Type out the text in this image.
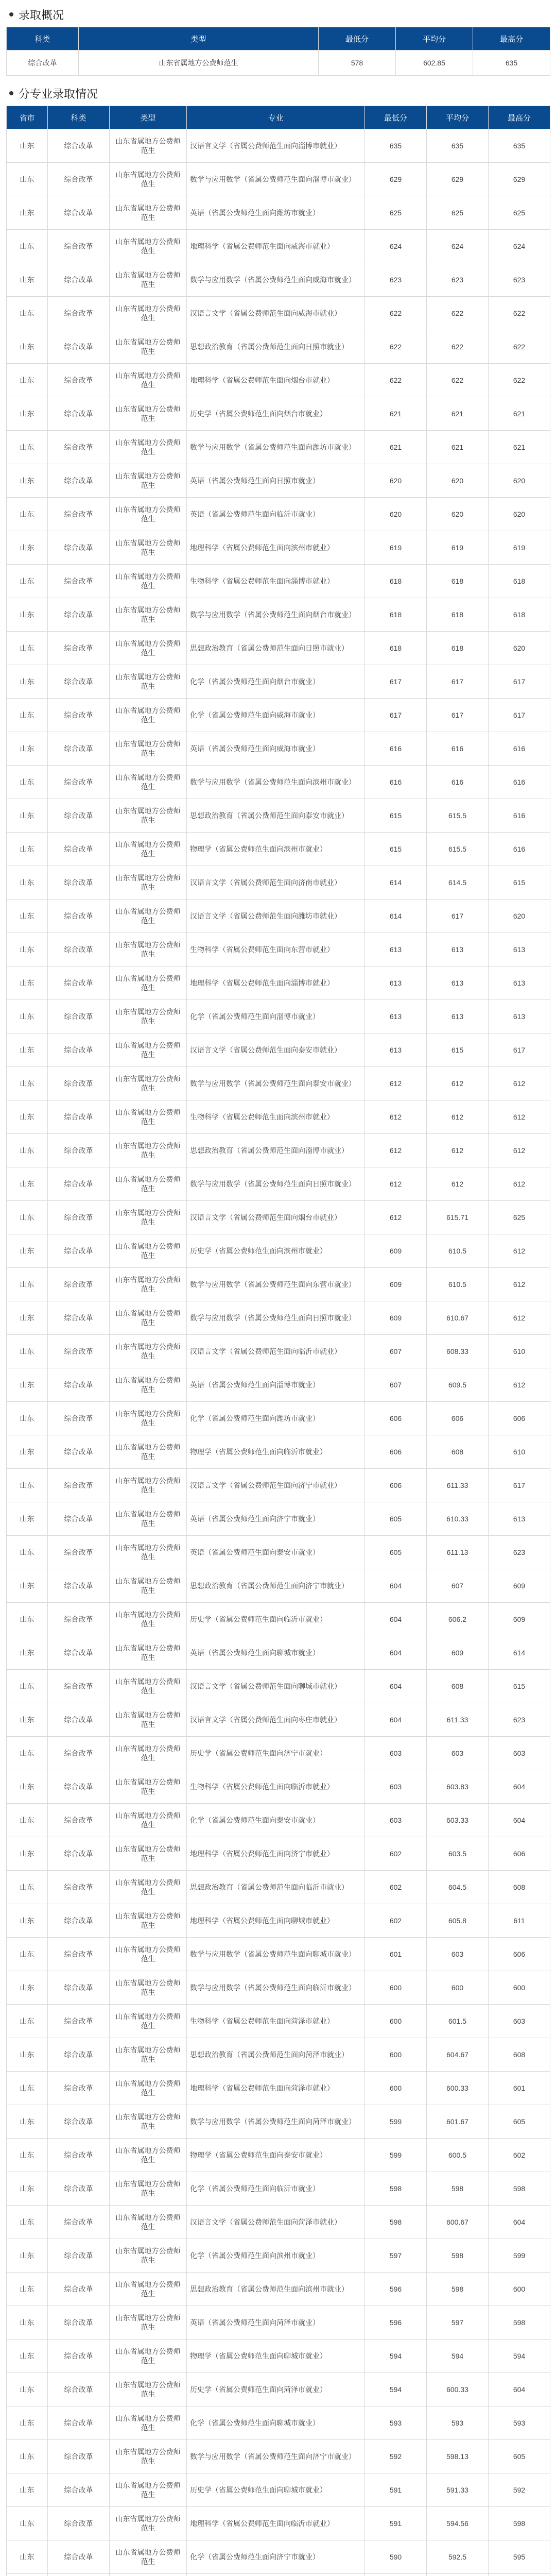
录取概况
科类	类型	最低分	平均分	最高分
综合改革	山东省属地方公费师范生	578	602.85	635
分专业录取情况
省市	科类	类型	专业	最低分	平均分	最高分
山东	综合改革	山东省属地方公费师范生	汉语言文学（省属公费师范生面向淄博市就业）	635	635	635
山东	综合改革	山东省属地方公费师范生	数学与应用数学（省属公费师范生面向淄博市就业）	629	629	629
山东	综合改革	山东省属地方公费师范生	英语（省属公费师范生面向潍坊市就业）	625	625	625
山东	综合改革	山东省属地方公费师范生	地理科学（省属公费师范生面向威海市就业）	624	624	624
山东	综合改革	山东省属地方公费师范生	数学与应用数学（省属公费师范生面向威海市就业）	623	623	623
山东	综合改革	山东省属地方公费师范生	汉语言文学（省属公费师范生面向威海市就业）	622	622	622
山东	综合改革	山东省属地方公费师范生	思想政治教育（省属公费师范生面向日照市就业）	622	622	622
山东	综合改革	山东省属地方公费师范生	地理科学（省属公费师范生面向烟台市就业）	622	622	622
山东	综合改革	山东省属地方公费师范生	历史学（省属公费师范生面向烟台市就业）	621	621	621
山东	综合改革	山东省属地方公费师范生	数学与应用数学（省属公费师范生面向潍坊市就业）	621	621	621
山东	综合改革	山东省属地方公费师范生	英语（省属公费师范生面向日照市就业）	620	620	620
山东	综合改革	山东省属地方公费师范生	英语（省属公费师范生面向临沂市就业）	620	620	620
山东	综合改革	山东省属地方公费师范生	地理科学（省属公费师范生面向滨州市就业）	619	619	619
山东	综合改革	山东省属地方公费师范生	生物科学（省属公费师范生面向淄博市就业）	618	618	618
山东	综合改革	山东省属地方公费师范生	数学与应用数学（省属公费师范生面向烟台市就业）	618	618	618
山东	综合改革	山东省属地方公费师范生	思想政治教育（省属公费师范生面向日照市就业）	618	618	620
山东	综合改革	山东省属地方公费师范生	化学（省属公费师范生面向烟台市就业）	617	617	617
山东	综合改革	山东省属地方公费师范生	化学（省属公费师范生面向威海市就业）	617	617	617
山东	综合改革	山东省属地方公费师范生	英语（省属公费师范生面向威海市就业）	616	616	616
山东	综合改革	山东省属地方公费师范生	数学与应用数学（省属公费师范生面向滨州市就业）	616	616	616
山东	综合改革	山东省属地方公费师范生	思想政治教育（省属公费师范生面向泰安市就业）	615	615.5	616
山东	综合改革	山东省属地方公费师范生	物理学（省属公费师范生面向滨州市就业）	615	615.5	616
山东	综合改革	山东省属地方公费师范生	汉语言文学（省属公费师范生面向济南市就业）	614	614.5	615
山东	综合改革	山东省属地方公费师范生	汉语言文学（省属公费师范生面向潍坊市就业）	614	617	620
山东	综合改革	山东省属地方公费师范生	生物科学（省属公费师范生面向东营市就业）	613	613	613
山东	综合改革	山东省属地方公费师范生	地理科学（省属公费师范生面向淄博市就业）	613	613	613
山东	综合改革	山东省属地方公费师范生	化学（省属公费师范生面向淄博市就业）	613	613	613
山东	综合改革	山东省属地方公费师范生	汉语言文学（省属公费师范生面向泰安市就业）	613	615	617
山东	综合改革	山东省属地方公费师范生	数学与应用数学（省属公费师范生面向泰安市就业）	612	612	612
山东	综合改革	山东省属地方公费师范生	生物科学（省属公费师范生面向滨州市就业）	612	612	612
山东	综合改革	山东省属地方公费师范生	思想政治教育（省属公费师范生面向淄博市就业）	612	612	612
山东	综合改革	山东省属地方公费师范生	数学与应用数学（省属公费师范生面向日照市就业）	612	612	612
山东	综合改革	山东省属地方公费师范生	汉语言文学（省属公费师范生面向烟台市就业）	612	615.71	625
山东	综合改革	山东省属地方公费师范生	历史学（省属公费师范生面向滨州市就业）	609	610.5	612
山东	综合改革	山东省属地方公费师范生	数学与应用数学（省属公费师范生面向东营市就业）	609	610.5	612
山东	综合改革	山东省属地方公费师范生	数学与应用数学（省属公费师范生面向日照市就业）	609	610.67	612
山东	综合改革	山东省属地方公费师范生	汉语言文学（省属公费师范生面向临沂市就业）	607	608.33	610
山东	综合改革	山东省属地方公费师范生	英语（省属公费师范生面向淄博市就业）	607	609.5	612
山东	综合改革	山东省属地方公费师范生	化学（省属公费师范生面向潍坊市就业）	606	606	606
山东	综合改革	山东省属地方公费师范生	物理学（省属公费师范生面向临沂市就业）	606	608	610
山东	综合改革	山东省属地方公费师范生	汉语言文学（省属公费师范生面向济宁市就业）	606	611.33	617
山东	综合改革	山东省属地方公费师范生	英语（省属公费师范生面向济宁市就业）	605	610.33	613
山东	综合改革	山东省属地方公费师范生	英语（省属公费师范生面向泰安市就业）	605	611.13	623
山东	综合改革	山东省属地方公费师范生	思想政治教育（省属公费师范生面向济宁市就业）	604	607	609
山东	综合改革	山东省属地方公费师范生	历史学（省属公费师范生面向临沂市就业）	604	606.2	609
山东	综合改革	山东省属地方公费师范生	英语（省属公费师范生面向聊城市就业）	604	609	614
山东	综合改革	山东省属地方公费师范生	汉语言文学（省属公费师范生面向聊城市就业）	604	608	615
山东	综合改革	山东省属地方公费师范生	汉语言文学（省属公费师范生面向枣庄市就业）	604	611.33	623
山东	综合改革	山东省属地方公费师范生	历史学（省属公费师范生面向济宁市就业）	603	603	603
山东	综合改革	山东省属地方公费师范生	生物科学（省属公费师范生面向临沂市就业）	603	603.83	604
山东	综合改革	山东省属地方公费师范生	化学（省属公费师范生面向泰安市就业）	603	603.33	604
山东	综合改革	山东省属地方公费师范生	地理科学（省属公费师范生面向济宁市就业）	602	603.5	606
山东	综合改革	山东省属地方公费师范生	思想政治教育（省属公费师范生面向临沂市就业）	602	604.5	608
山东	综合改革	山东省属地方公费师范生	地理科学（省属公费师范生面向聊城市就业）	602	605.8	611
山东	综合改革	山东省属地方公费师范生	数学与应用数学（省属公费师范生面向聊城市就业）	601	603	606
山东	综合改革	山东省属地方公费师范生	数学与应用数学（省属公费师范生面向临沂市就业）	600	600	600
山东	综合改革	山东省属地方公费师范生	生物科学（省属公费师范生面向菏泽市就业）	600	601.5	603
山东	综合改革	山东省属地方公费师范生	思想政治教育（省属公费师范生面向菏泽市就业）	600	604.67	608
山东	综合改革	山东省属地方公费师范生	地理科学（省属公费师范生面向菏泽市就业）	600	600.33	601
山东	综合改革	山东省属地方公费师范生	数学与应用数学（省属公费师范生面向菏泽市就业）	599	601.67	605
山东	综合改革	山东省属地方公费师范生	物理学（省属公费师范生面向泰安市就业）	599	600.5	602
山东	综合改革	山东省属地方公费师范生	化学（省属公费师范生面向临沂市就业）	598	598	598
山东	综合改革	山东省属地方公费师范生	汉语言文学（省属公费师范生面向菏泽市就业）	598	600.67	604
山东	综合改革	山东省属地方公费师范生	化学（省属公费师范生面向滨州市就业）	597	598	599
山东	综合改革	山东省属地方公费师范生	思想政治教育（省属公费师范生面向滨州市就业）	596	598	600
山东	综合改革	山东省属地方公费师范生	英语（省属公费师范生面向菏泽市就业）	596	597	598
山东	综合改革	山东省属地方公费师范生	物理学（省属公费师范生面向聊城市就业）	594	594	594
山东	综合改革	山东省属地方公费师范生	历史学（省属公费师范生面向菏泽市就业）	594	600.33	604
山东	综合改革	山东省属地方公费师范生	化学（省属公费师范生面向聊城市就业）	593	593	593
山东	综合改革	山东省属地方公费师范生	数学与应用数学（省属公费师范生面向济宁市就业）	592	598.13	605
山东	综合改革	山东省属地方公费师范生	历史学（省属公费师范生面向聊城市就业）	591	591.33	592
山东	综合改革	山东省属地方公费师范生	地理科学（省属公费师范生面向临沂市就业）	591	594.56	598
山东	综合改革	山东省属地方公费师范生	化学（省属公费师范生面向济宁市就业）	590	592.5	595
